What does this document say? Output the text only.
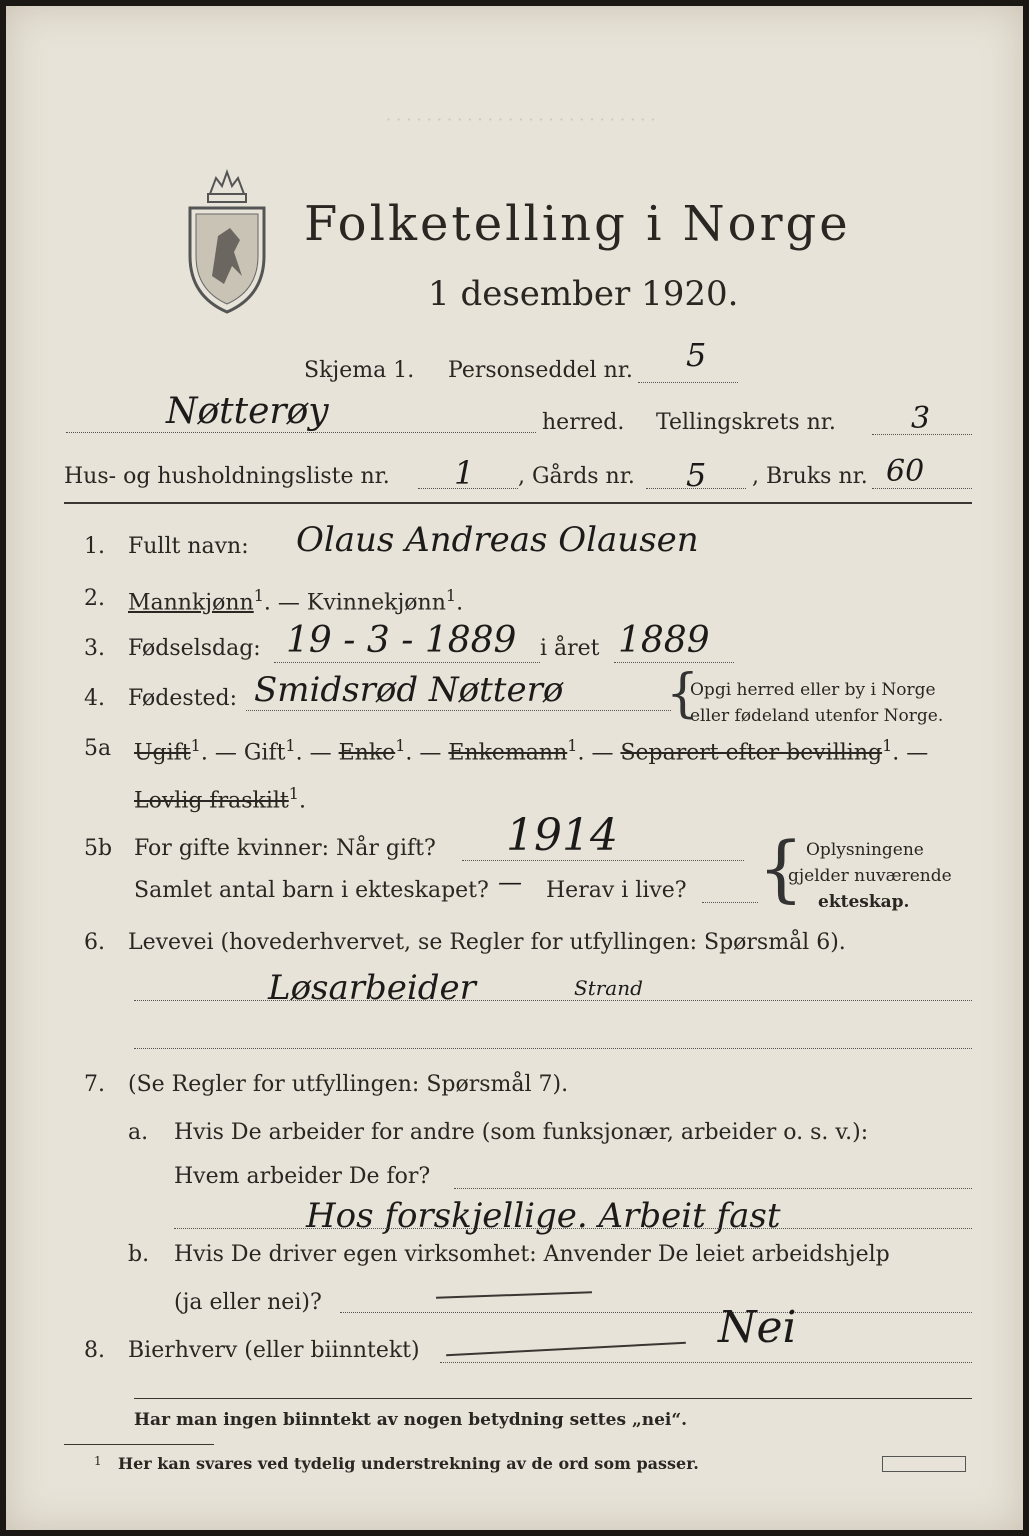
Folketelling i Norge
1 desember 1920.
Skjema 1. Personseddel nr. 5
Nøtterøy	herred. Tellingskrets nr.	3
Hus- og husholdningsliste nr. 1 , Gårds nr. 5 , Bruks nr. 60
1. Fullt navn: Olaus Andreas Olausen
2. Mannkjønn$^1$. — Kvinnekjønn$^1$.
3. Fødselsdag: 19 - 3 - 1889 i året 1889
4. Fødested: Smidsrød Nøtterø {
Opgi herred eller by i Norge
eller fødeland utenfor Norge.
5a Ugift$^1$. — Gift$^1$. — Enke$^1$. — Enkemann$^1$. — Separert efter bevilling$^1$. —
Lovlig fraskilt$^1$.
5b For gifte kvinner: Når gift? 1914
Samlet antal barn i ekteskapet? — Herav i live? { Oplysningene
gjelder nuværende
ekteskap.
6. Levevei (hovederhvervet, se Regler for utfyllingen: Spørsmål 6).
Løsarbeider	Strand
7. (Se Regler for utfyllingen: Spørsmål 7).
a. Hvis De arbeider for andre (som funksjonær, arbeider o. s. v.):
Hvem arbeider De for?
Hos forskjellige. Arbeit fast
b. Hvis De driver egen virksomhet: Anvender De leiet arbeidshjelp
(ja eller nei)?
8. Bierhverv (eller biinntekt)	Nei
Har man ingen biinntekt av nogen betydning settes „nei“.
1 Her kan svares ved tydelig understrekning av de ord som passer.
· · · · · · · · · · · · · · · · · · · · · · · · · · ·
